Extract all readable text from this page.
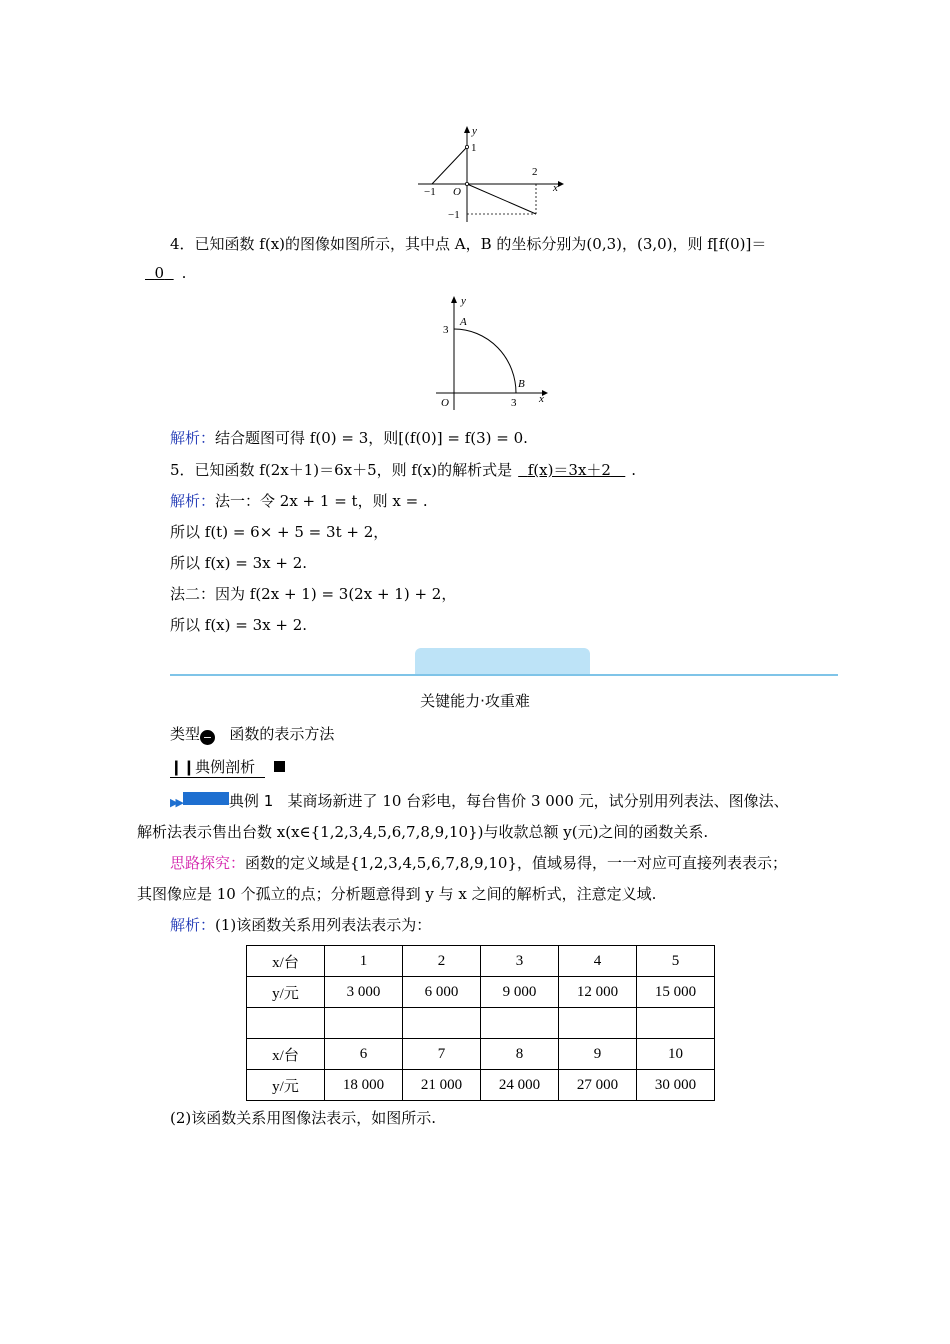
y
x
1
2
−1 O
−1
4．已知函数 f(x)的图像如图所示，其中点 A，B 的坐标分别为(0,3)，(3,0)，则 f[f(0)]＝
0 .
y
x
3
3
O
A
B
解析：结合题图可得 f(0) = 3，则[(f(0)] = f(3) = 0.
5．已知函数 f(2x＋1)＝6x＋5，则 f(x)的解析式是 f(x)＝3x＋2 .
解析：法一：令 2x + 1 = t，则 x = .
所以 f(t) = 6× + 5 = 3t + 2，
所以 f(x) = 3x + 2.
法二：因为 f(2x + 1) = 3(2x + 1) + 2，
所以 f(x) = 3x + 2.
关键能力·攻重难
类型 − 函数的表示方法
❙❙典例剖析
▶▶	典例 1 某商场新进了 10 台彩电，每台售价 3 000 元，试分别用列表法、图像法、
解析法表示售出台数 x(x∈{1,2,3,4,5,6,7,8,9,10})与收款总额 y(元)之间的函数关系.
思路探究：函数的定义域是{1,2,3,4,5,6,7,8,9,10}，值域易得，一一对应可直接列表表示；
其图像应是 10 个孤立的点；分析题意得到 y 与 x 之间的解析式，注意定义域.
解析：(1)该函数关系用列表法表示为：
x/台	1	2	3	4	5
y/元	3 000	6 000	9 000	12 000	15 000

x/台	6	7	8	9	10
y/元	18 000	21 000	24 000	27 000	30 000
(2)该函数关系用图像法表示，如图所示.
